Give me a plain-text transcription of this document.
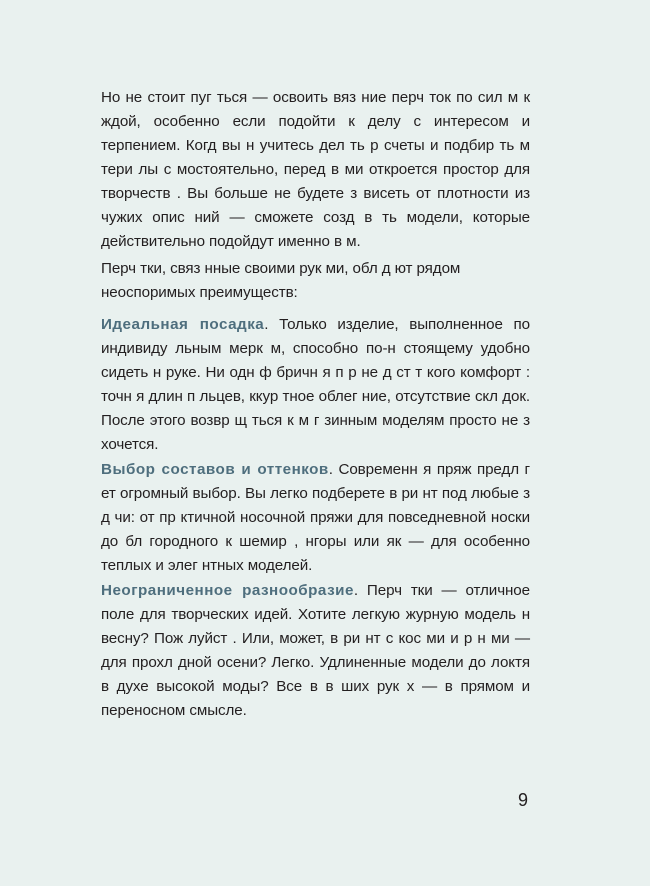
Но не стоит пуг ться — освоить вяз ние перч ток по сил м к ждой, особенно если подойти к делу с интересом и терпением. Когд вы н учитесь дел ть р счеты и подбир ть м тери лы с мостоятельно, перед в ми откроется простор для творчеств . Вы больше не будете з висеть от плотности из чужих опис ний — сможете созд в ть модели, которые действительно подойдут именно в м.

Перч тки, связ нные своими рук ми, обл д ют рядом неоспоримых преимуществ:

Идеальная посадка. Только изделие, выполненное по индивиду льным мерк м, способно по-н стоящему удобно сидеть н руке. Ни одн ф бричн я п р не д ст т кого комфорт : точн я длин п льцев, ккур тное облег ние, отсутствие скл док. После этого возвр щ ться к м г зинным моделям просто не з хочется.

Выбор составов и оттенков. Современн я пряж предл г ет огромный выбор. Вы легко подберете в ри нт под любые з д чи: от пр ктичной носочной пряжи для повседневной носки до бл городного к шемир , нгоры или як — для особенно теплых и элег нтных моделей.

Неограниченное разнообразие. Перч тки — отличное поле для творческих идей. Хотите легкую журную модель н весну? Пож луйст . Или, может, в ри нт с кос ми и р н ми — для прохл дной осени? Легко. Удлиненные модели до локтя в духе высокой моды? Все в в ших рук х — в прямом и переносном смысле.

9
